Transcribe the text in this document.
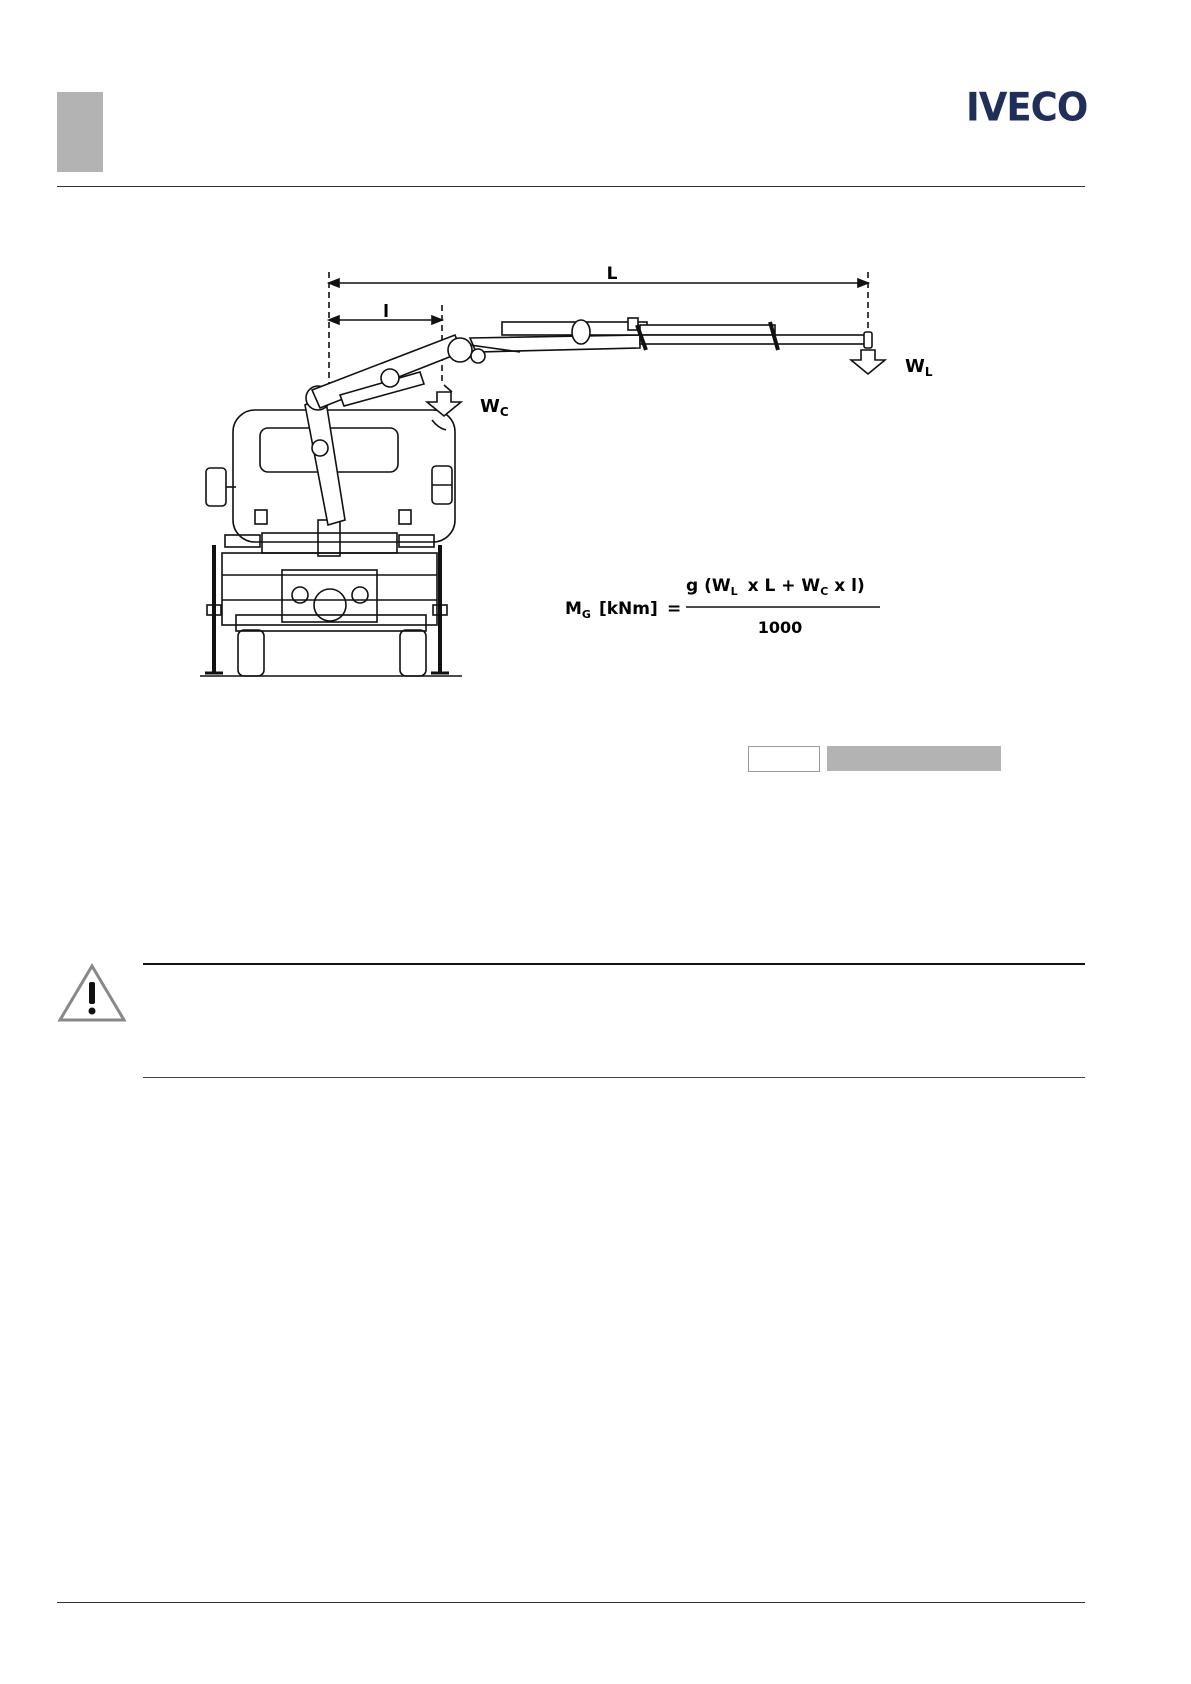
IVECO
L
l
$W_L$
$W_C$
$M_G$ [kNm] =
g ($W_L$ x $L + W_C$ x l)
1000
